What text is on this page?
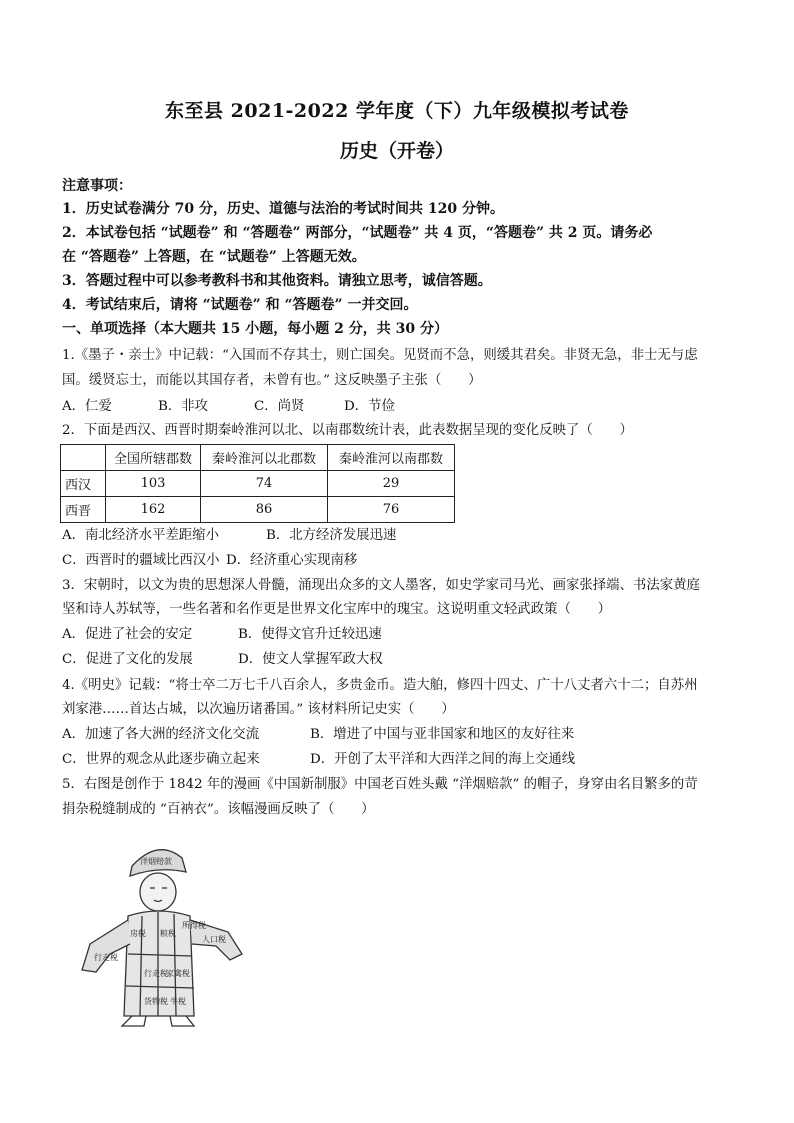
东至县 2021-2022 学年度（下）九年级模拟考试卷
历史（开卷）
注意事项：
1．历史试卷满分 70 分，历史、道德与法治的考试时间共 120 分钟。
2．本试卷包括 “试题卷” 和 “答题卷” 两部分，“试题卷” 共 4 页，“答题卷” 共 2 页。请务必
在 “答题卷” 上答题，在 “试题卷” 上答题无效。
3．答题过程中可以参考教科书和其他资料。请独立思考，诚信答题。
4．考试结束后，请将 “试题卷” 和 “答题卷” 一并交回。
一、单项选择（本大题共 15 小题，每小题 2 分，共 30 分）
1.《墨子・亲士》中记载：“入国而不存其士，则亡国矣。见贤而不急，则缓其君矣。非贤无急，非士无与虑
国。缓贤忘士，而能以其国存者，未曾有也。” 这反映墨子主张（　　）
A．仁爱	B．非攻	C．尚贤	D．节俭
2．下面是西汉、西晋时期秦岭淮河以北、以南郡数统计表，此表数据呈现的变化反映了（　　）
	全国所辖郡数	秦岭淮河以北郡数	秦岭淮河以南郡数
西汉	103	74	29
西晋	162	86	76
A．南北经济水平差距缩小	B．北方经济发展迅速
C．西晋时的疆域比西汉小 D．经济重心实现南移
3．宋朝时，以文为贵的思想深人骨髓，涌现出众多的文人墨客，如史学家司马光、画家张择端、书法家黄庭
坚和诗人苏轼等，一些名著和名作更是世界文化宝库中的瑰宝。这说明重文轻武政策（　　）
A．促进了社会的安定	B．使得文官升迁较迅速
C．促进了文化的发展	D．使文人掌握军政大权
4.《明史》记载：“将士卒二万七千八百余人，多贵金币。造大舶，修四十四丈、广十八丈者六十二；自苏州
刘家港……首达占城，以次遍历诸番国。” 该材料所记史实（　　）
A．加速了各大洲的经济文化交流	B．增进了中国与亚非国家和地区的友好往来
C．世界的观念从此逐步确立起来	D．开创了太平洋和大西洋之间的海上交通线
5．右图是创作于 1842 年的漫画《中国新制服》中国老百姓头戴 “洋烟赔款” 的帽子，身穿由名目繁多的苛
捐杂税缝制成的 “百衲衣”。该幅漫画反映了（　　）
洋烟赔款
所得税
人口税
行走税
房税 粮税
行走税
家禽税
货物税 牛税
